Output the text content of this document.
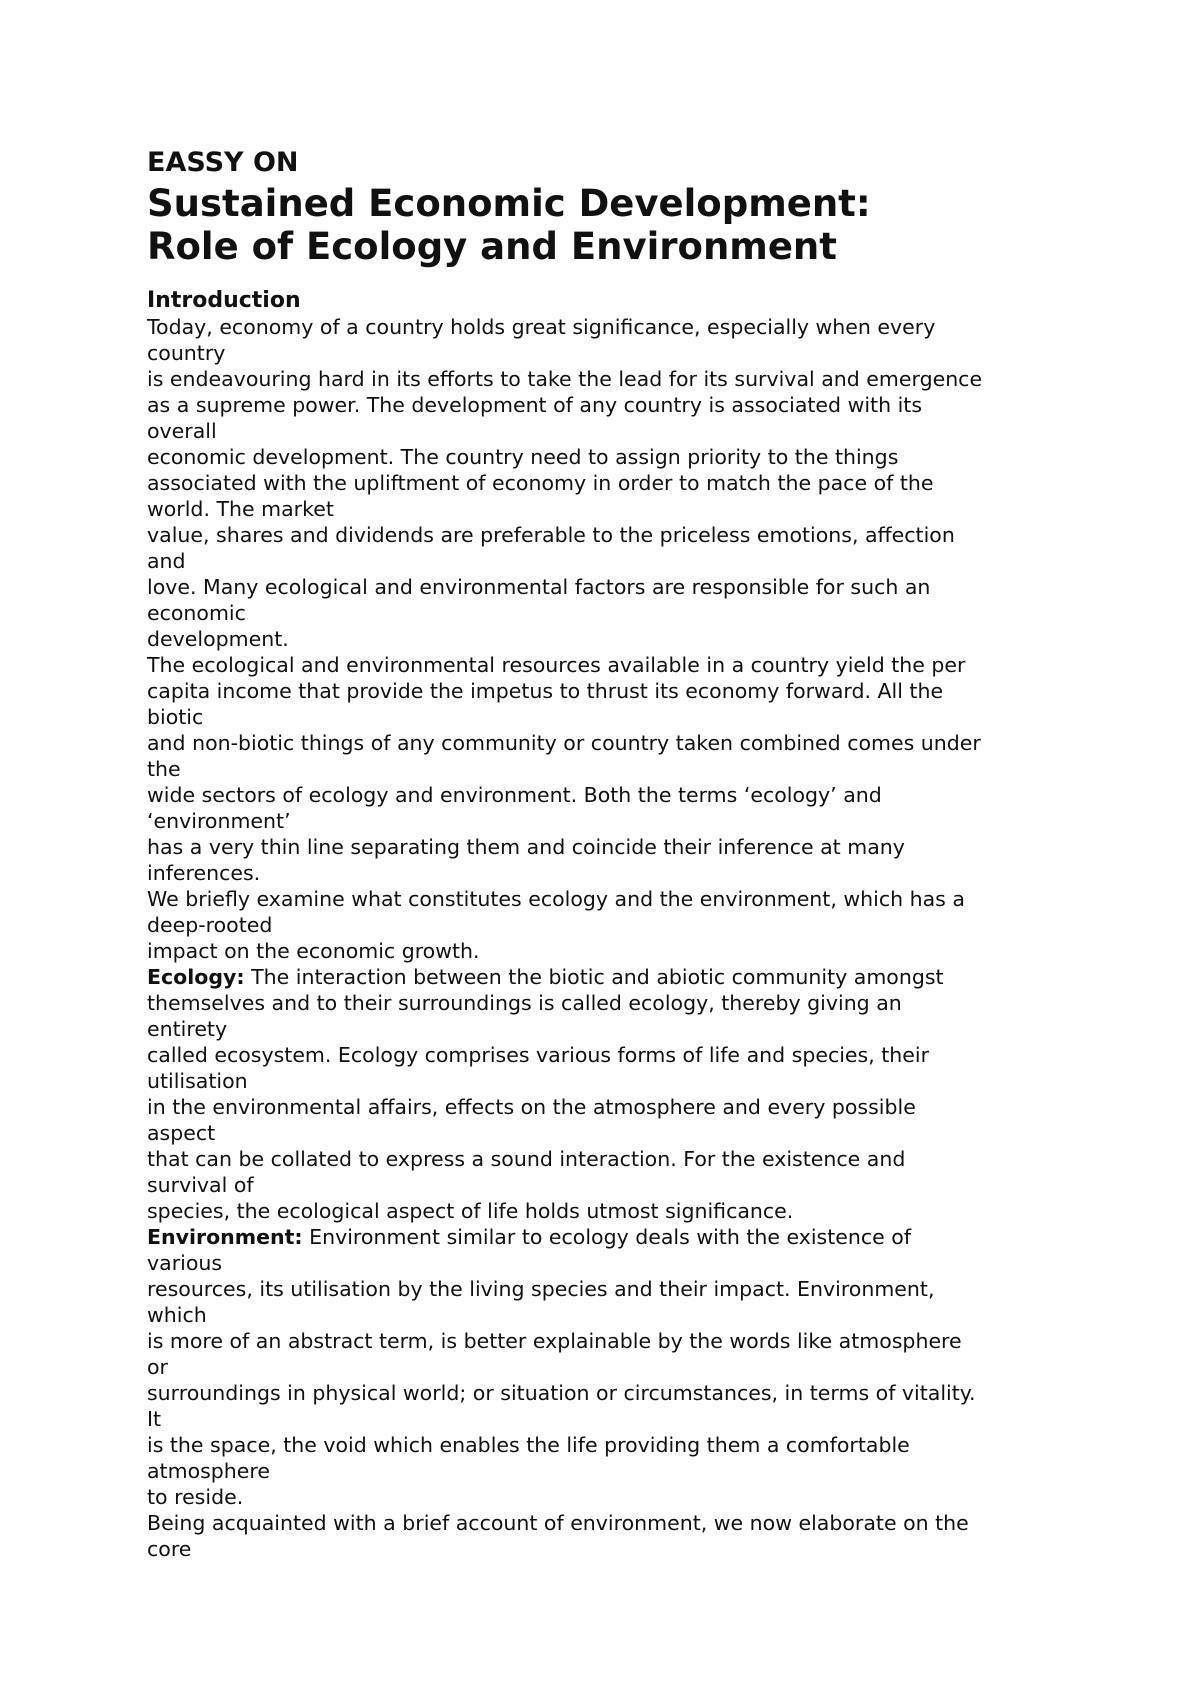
EASSY ON
Sustained Economic Development:
Role of Ecology and Environment
Introduction

Today, economy of a country holds great significance, especially when every
country
is endeavouring hard in its efforts to take the lead for its survival and emergence
as a supreme power. The development of any country is associated with its
overall
economic development. The country need to assign priority to the things
associated with the upliftment of economy in order to match the pace of the
world. The market
value, shares and dividends are preferable to the priceless emotions, affection
and
love. Many ecological and environmental factors are responsible for such an
economic
development.
The ecological and environmental resources available in a country yield the per
capita income that provide the impetus to thrust its economy forward. All the
biotic
and non-biotic things of any community or country taken combined comes under
the
wide sectors of ecology and environment. Both the terms ‘ecology’ and
‘environment’
has a very thin line separating them and coincide their inference at many
inferences.
We briefly examine what constitutes ecology and the environment, which has a
deep-rooted
impact on the economic growth.

Ecology: The interaction between the biotic and abiotic community amongst
themselves and to their surroundings is called ecology, thereby giving an
entirety
called ecosystem. Ecology comprises various forms of life and species, their
utilisation
in the environmental affairs, effects on the atmosphere and every possible
aspect
that can be collated to express a sound interaction. For the existence and
survival of
species, the ecological aspect of life holds utmost significance.

Environment: Environment similar to ecology deals with the existence of
various
resources, its utilisation by the living species and their impact. Environment,
which
is more of an abstract term, is better explainable by the words like atmosphere
or
surroundings in physical world; or situation or circumstances, in terms of vitality.
It
is the space, the void which enables the life providing them a comfortable
atmosphere
to reside.
Being acquainted with a brief account of environment, we now elaborate on the
core
